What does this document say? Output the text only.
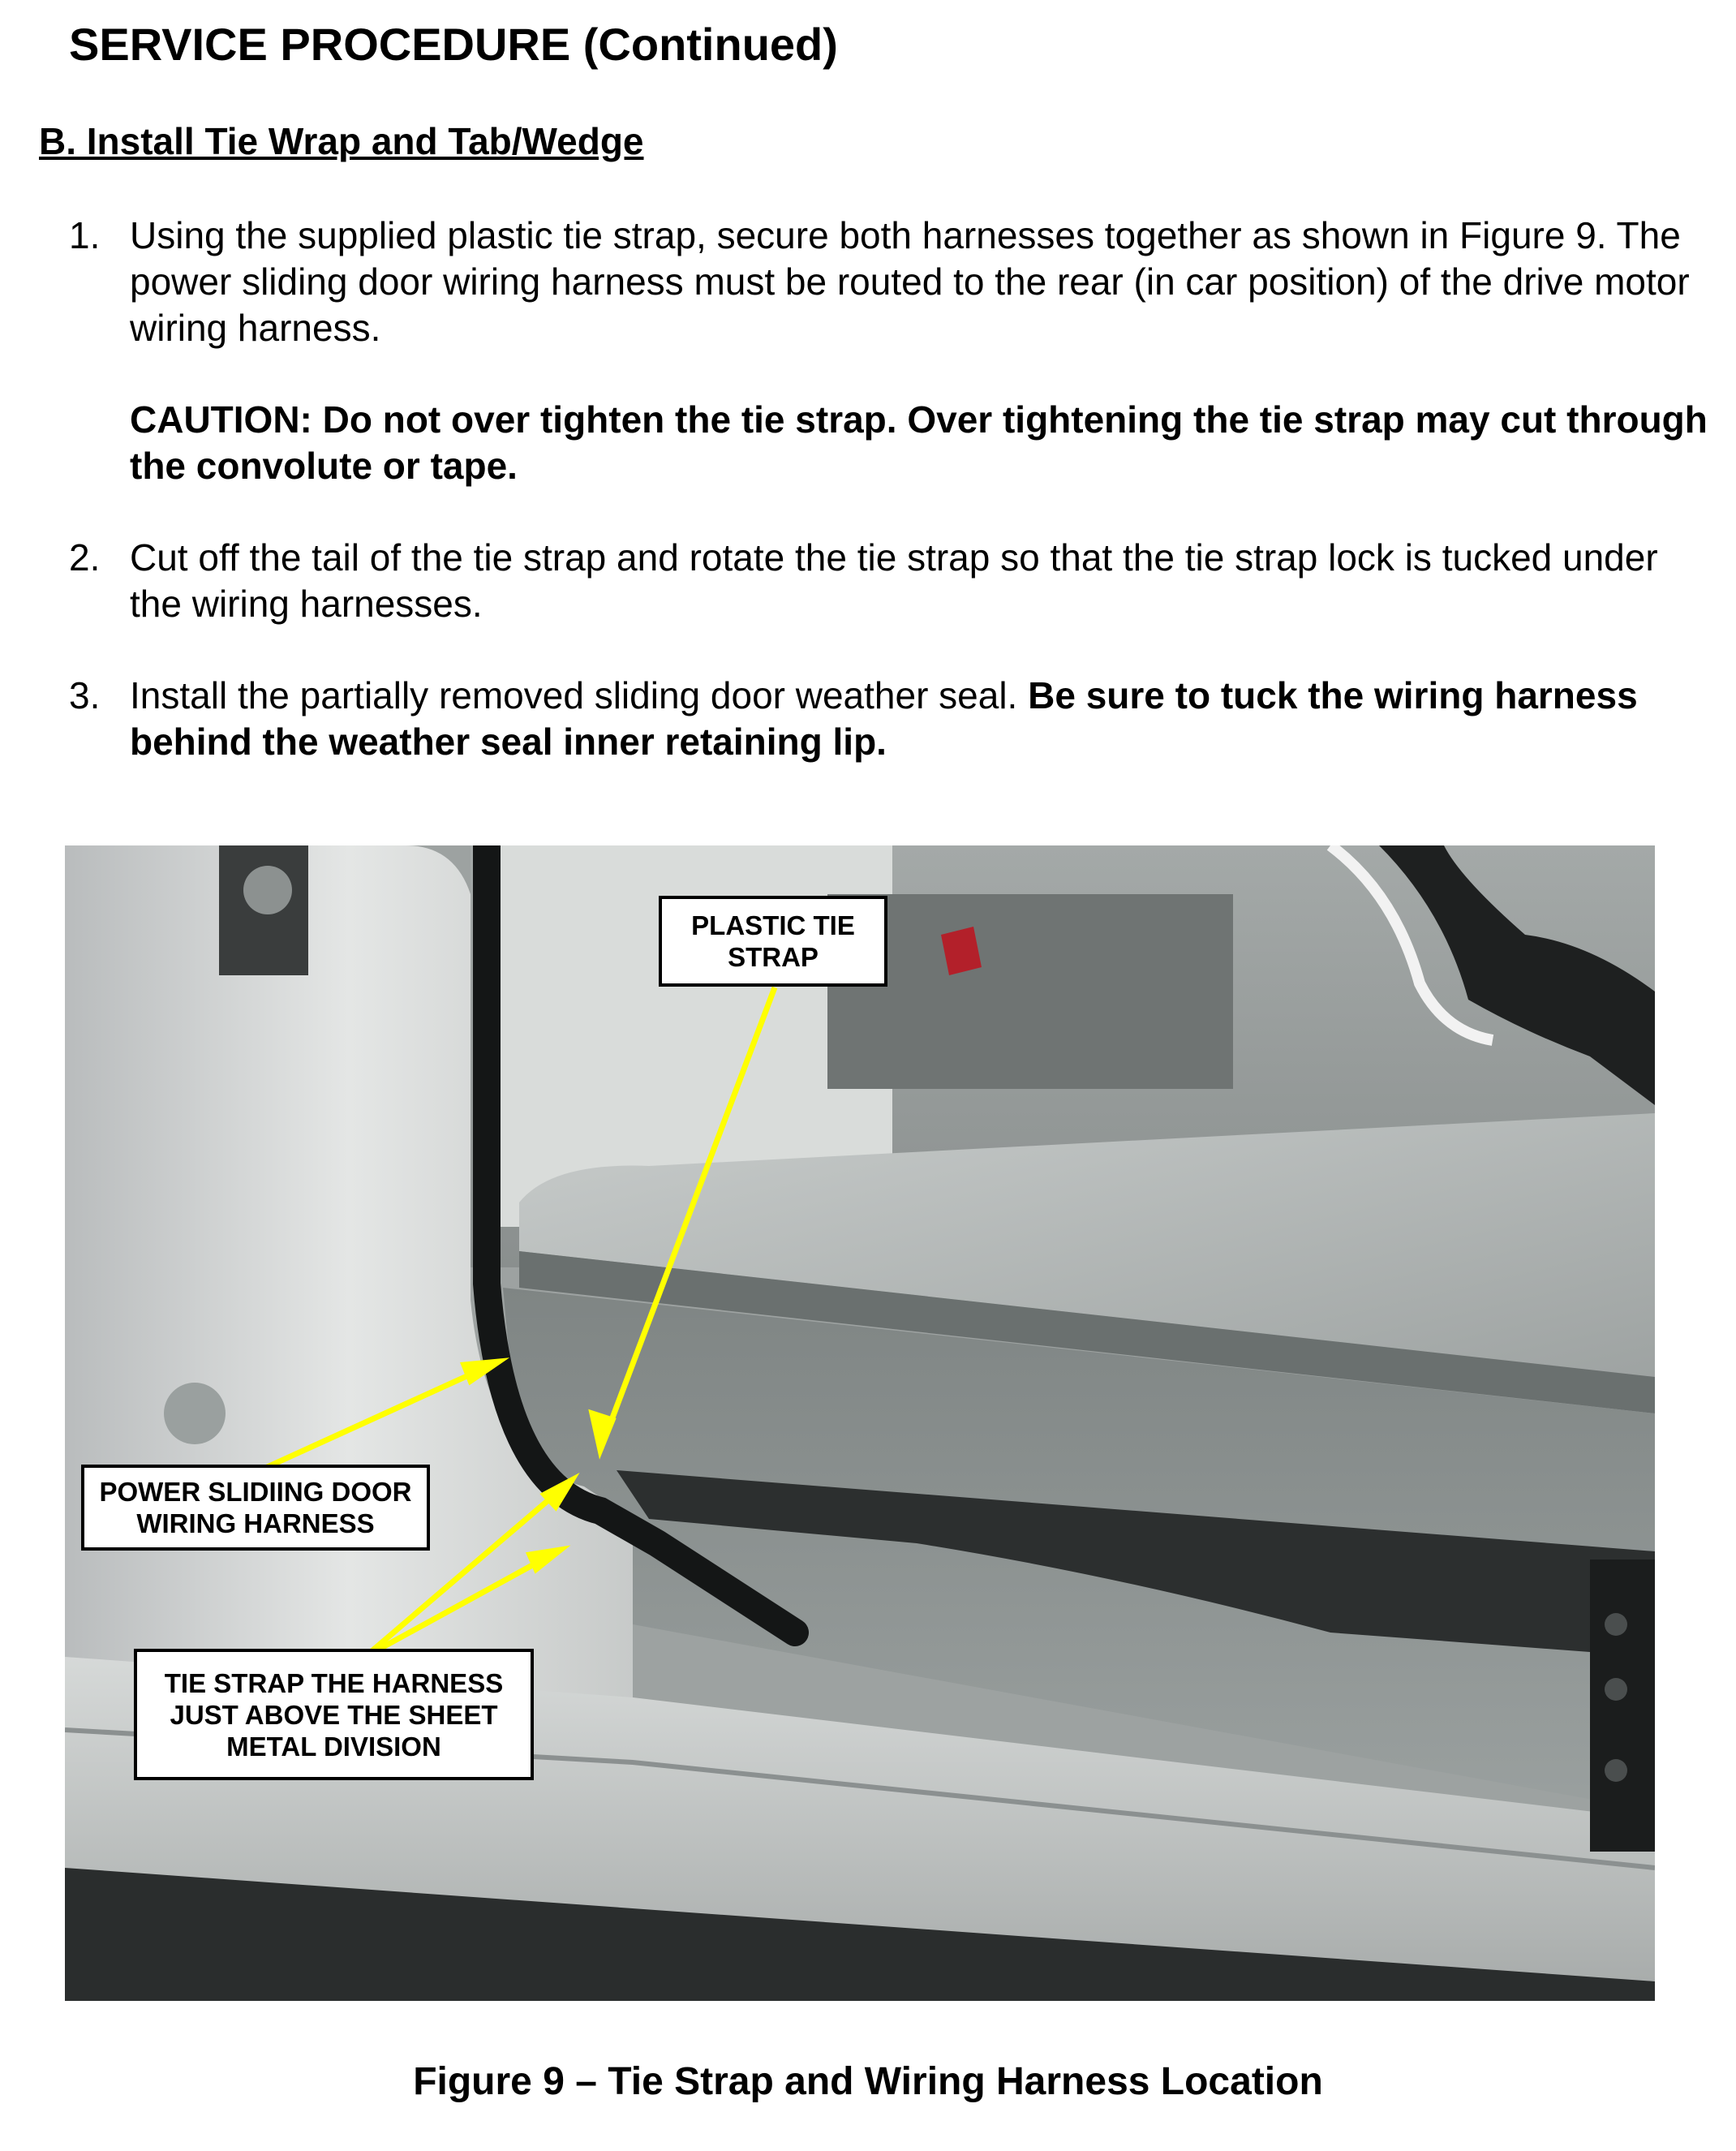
SERVICE PROCEDURE (Continued)
B. Install Tie Wrap and Tab/Wedge
1. Using the supplied plastic tie strap, secure both harnesses together as shown in Figure 9. The power sliding door wiring harness must be routed to the rear (in car position) of the drive motor wiring harness.
CAUTION: Do not over tighten the tie strap. Over tightening the tie strap may cut through the convolute or tape.
2. Cut off the tail of the tie strap and rotate the tie strap so that the tie strap lock is tucked under the wiring harnesses.
3. Install the partially removed sliding door weather seal. Be sure to tuck the wiring harness behind the weather seal inner retaining lip.
PLASTIC TIE
STRAP
POWER SLIDIING DOOR
WIRING HARNESS
TIE STRAP THE HARNESS
JUST ABOVE THE SHEET
METAL DIVISION
Figure 9 – Tie Strap and Wiring Harness Location
